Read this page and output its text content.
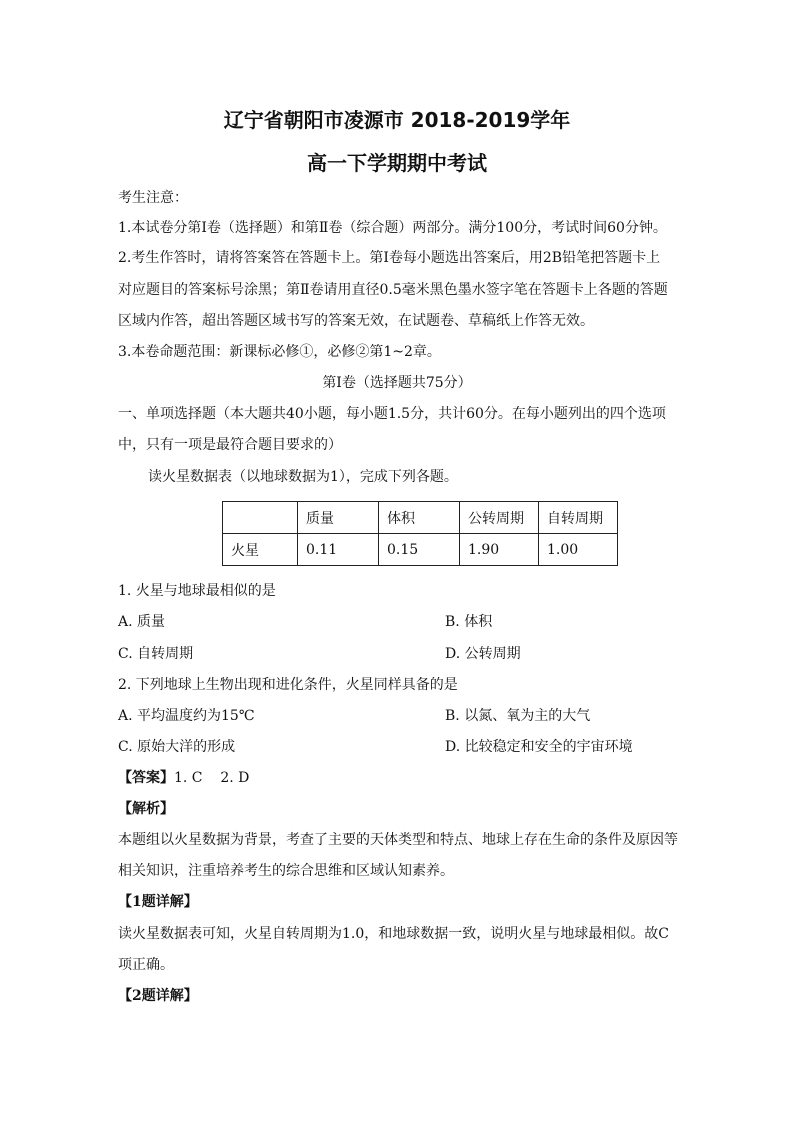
辽宁省朝阳市凌源市 2018-2019学年
高一下学期期中考试
考生注意：
1.本试卷分第Ⅰ卷（选择题）和第Ⅱ卷（综合题）两部分。满分100分，考试时间60分钟。
2.考生作答时，请将答案答在答题卡上。第Ⅰ卷每小题选出答案后，用2B铅笔把答题卡上
对应题目的答案标号涂黑；第Ⅱ卷请用直径0.5毫米黑色墨水签字笔在答题卡上各题的答题
区域内作答，超出答题区域书写的答案无效，在试题卷、草稿纸上作答无效。
3.本卷命题范围：新课标必修①，必修②第1~2章。
第Ⅰ卷（选择题共75分）
一、单项选择题（本大题共40小题，每小题1.5分，共计60分。在每小题列出的四个选项
中，只有一项是最符合题目要求的）
读火星数据表（以地球数据为1），完成下列各题。
	质量	体积	公转周期	自转周期
火星	0.11	0.15	1.90	1.00
1. 火星与地球最相似的是
A. 质量	B. 体积
C. 自转周期	D. 公转周期
2. 下列地球上生物出现和进化条件，火星同样具备的是
A. 平均温度约为15℃	B. 以氮、氧为主的大气
C. 原始大洋的形成	D. 比较稳定和安全的宇宙环境
【答案】1. C    2. D
【解析】
本题组以火星数据为背景，考查了主要的天体类型和特点、地球上存在生命的条件及原因等
相关知识，注重培养考生的综合思维和区域认知素养。
【1题详解】
读火星数据表可知，火星自转周期为1.0，和地球数据一致，说明火星与地球最相似。故C
项正确。
【2题详解】
